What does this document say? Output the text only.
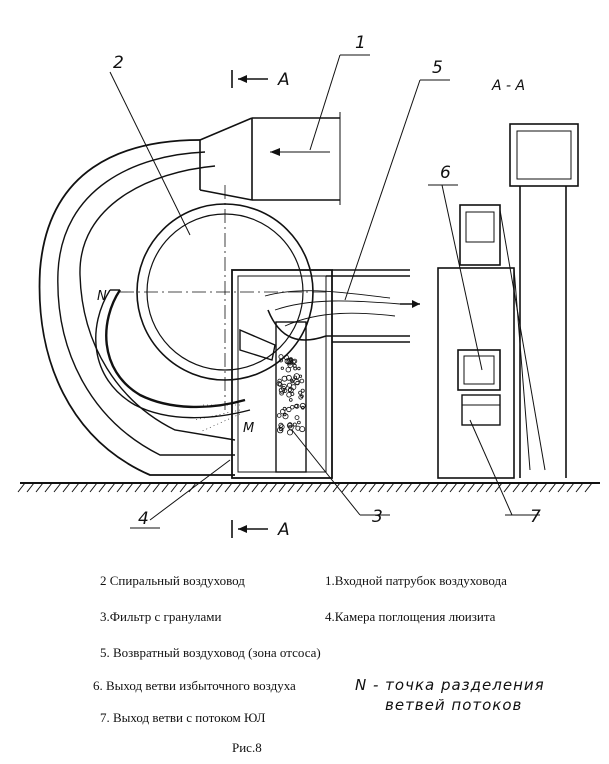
A
A
A - A
1
2
3
4
5
6
7
N
M
2 Спиральный воздуховод	1.Входной патрубок воздуховода
3.Фильтр с гранулами	4.Камера поглощения люизита
5. Возвратный воздуховод (зона отсоса)
6. Выход ветви избыточного воздуха
7. Выход ветви с потоком ЮЛ
N - точка разделения
ветвей потоков
Рис.8
